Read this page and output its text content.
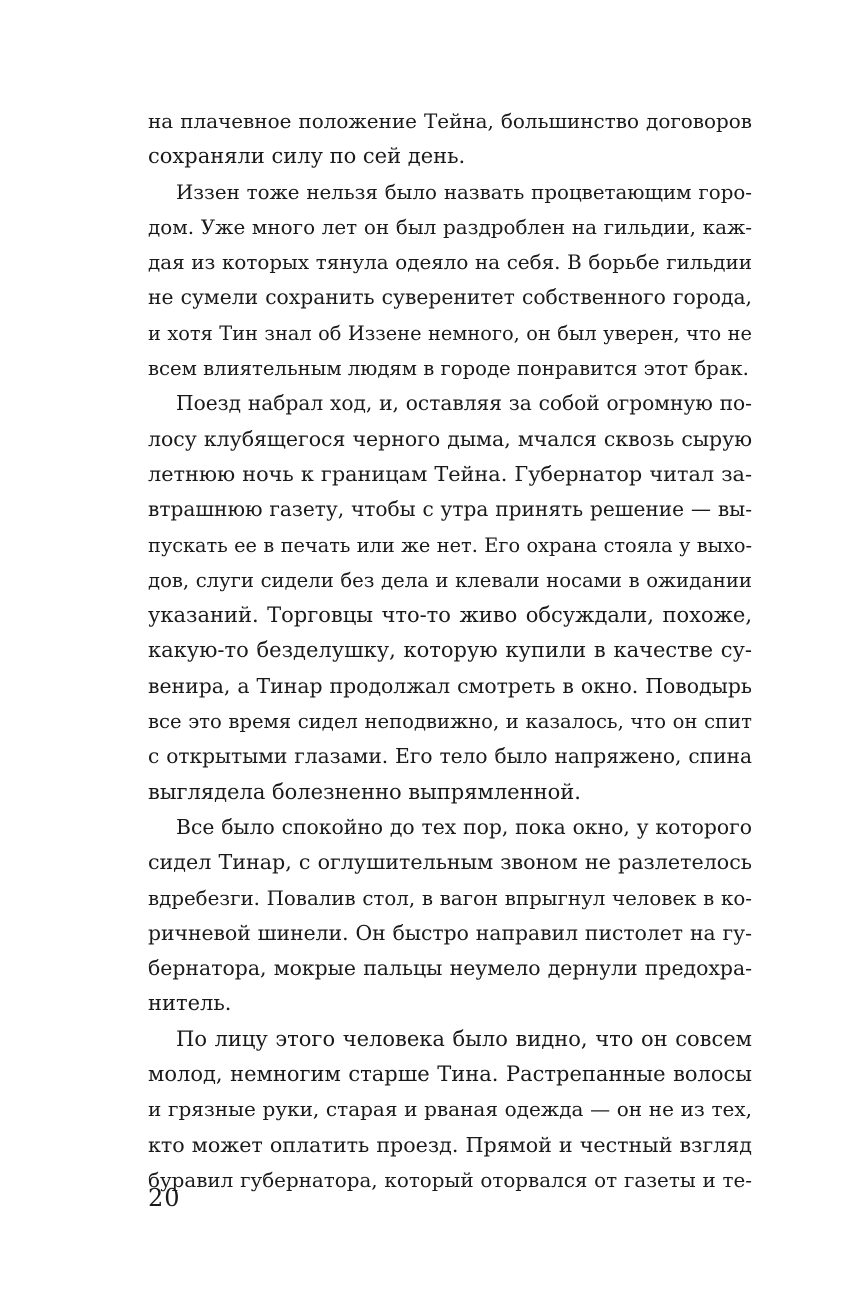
на плачевное положение Тейна, большинство договоров
сохраняли силу по сей день.
Иззен тоже нельзя было назвать процветающим горо-
дом. Уже много лет он был раздроблен на гильдии, каж-
дая из которых тянула одеяло на себя. В борьбе гильдии
не сумели сохранить суверенитет собственного города,
и хотя Тин знал об Иззене немного, он был уверен, что не
всем влиятельным людям в городе понравится этот брак.
Поезд набрал ход, и, оставляя за собой огромную по-
лосу клубящегося черного дыма, мчался сквозь сырую
летнюю ночь к границам Тейна. Губернатор читал за-
втрашнюю газету, чтобы с утра принять решение — вы-
пускать ее в печать или же нет. Его охрана стояла у выхо-
дов, слуги сидели без дела и клевали носами в ожидании
указаний. Торговцы что-то живо обсуждали, похоже,
какую-то безделушку, которую купили в качестве су-
венира, а Тинар продолжал смотреть в окно. Поводырь
все это время сидел неподвижно, и казалось, что он спит
с открытыми глазами. Его тело было напряжено, спина
выглядела болезненно выпрямленной.
Все было спокойно до тех пор, пока окно, у которого
сидел Тинар, с оглушительным звоном не разлетелось
вдребезги. Повалив стол, в вагон впрыгнул человек в ко-
ричневой шинели. Он быстро направил пистолет на гу-
бернатора, мокрые пальцы неумело дернули предохра-
нитель.
По лицу этого человека было видно, что он совсем
молод, немногим старше Тина. Растрепанные волосы
и грязные руки, старая и рваная одежда — он не из тех,
кто может оплатить проезд. Прямой и честный взгляд
буравил губернатора, который оторвался от газеты и те-
20
